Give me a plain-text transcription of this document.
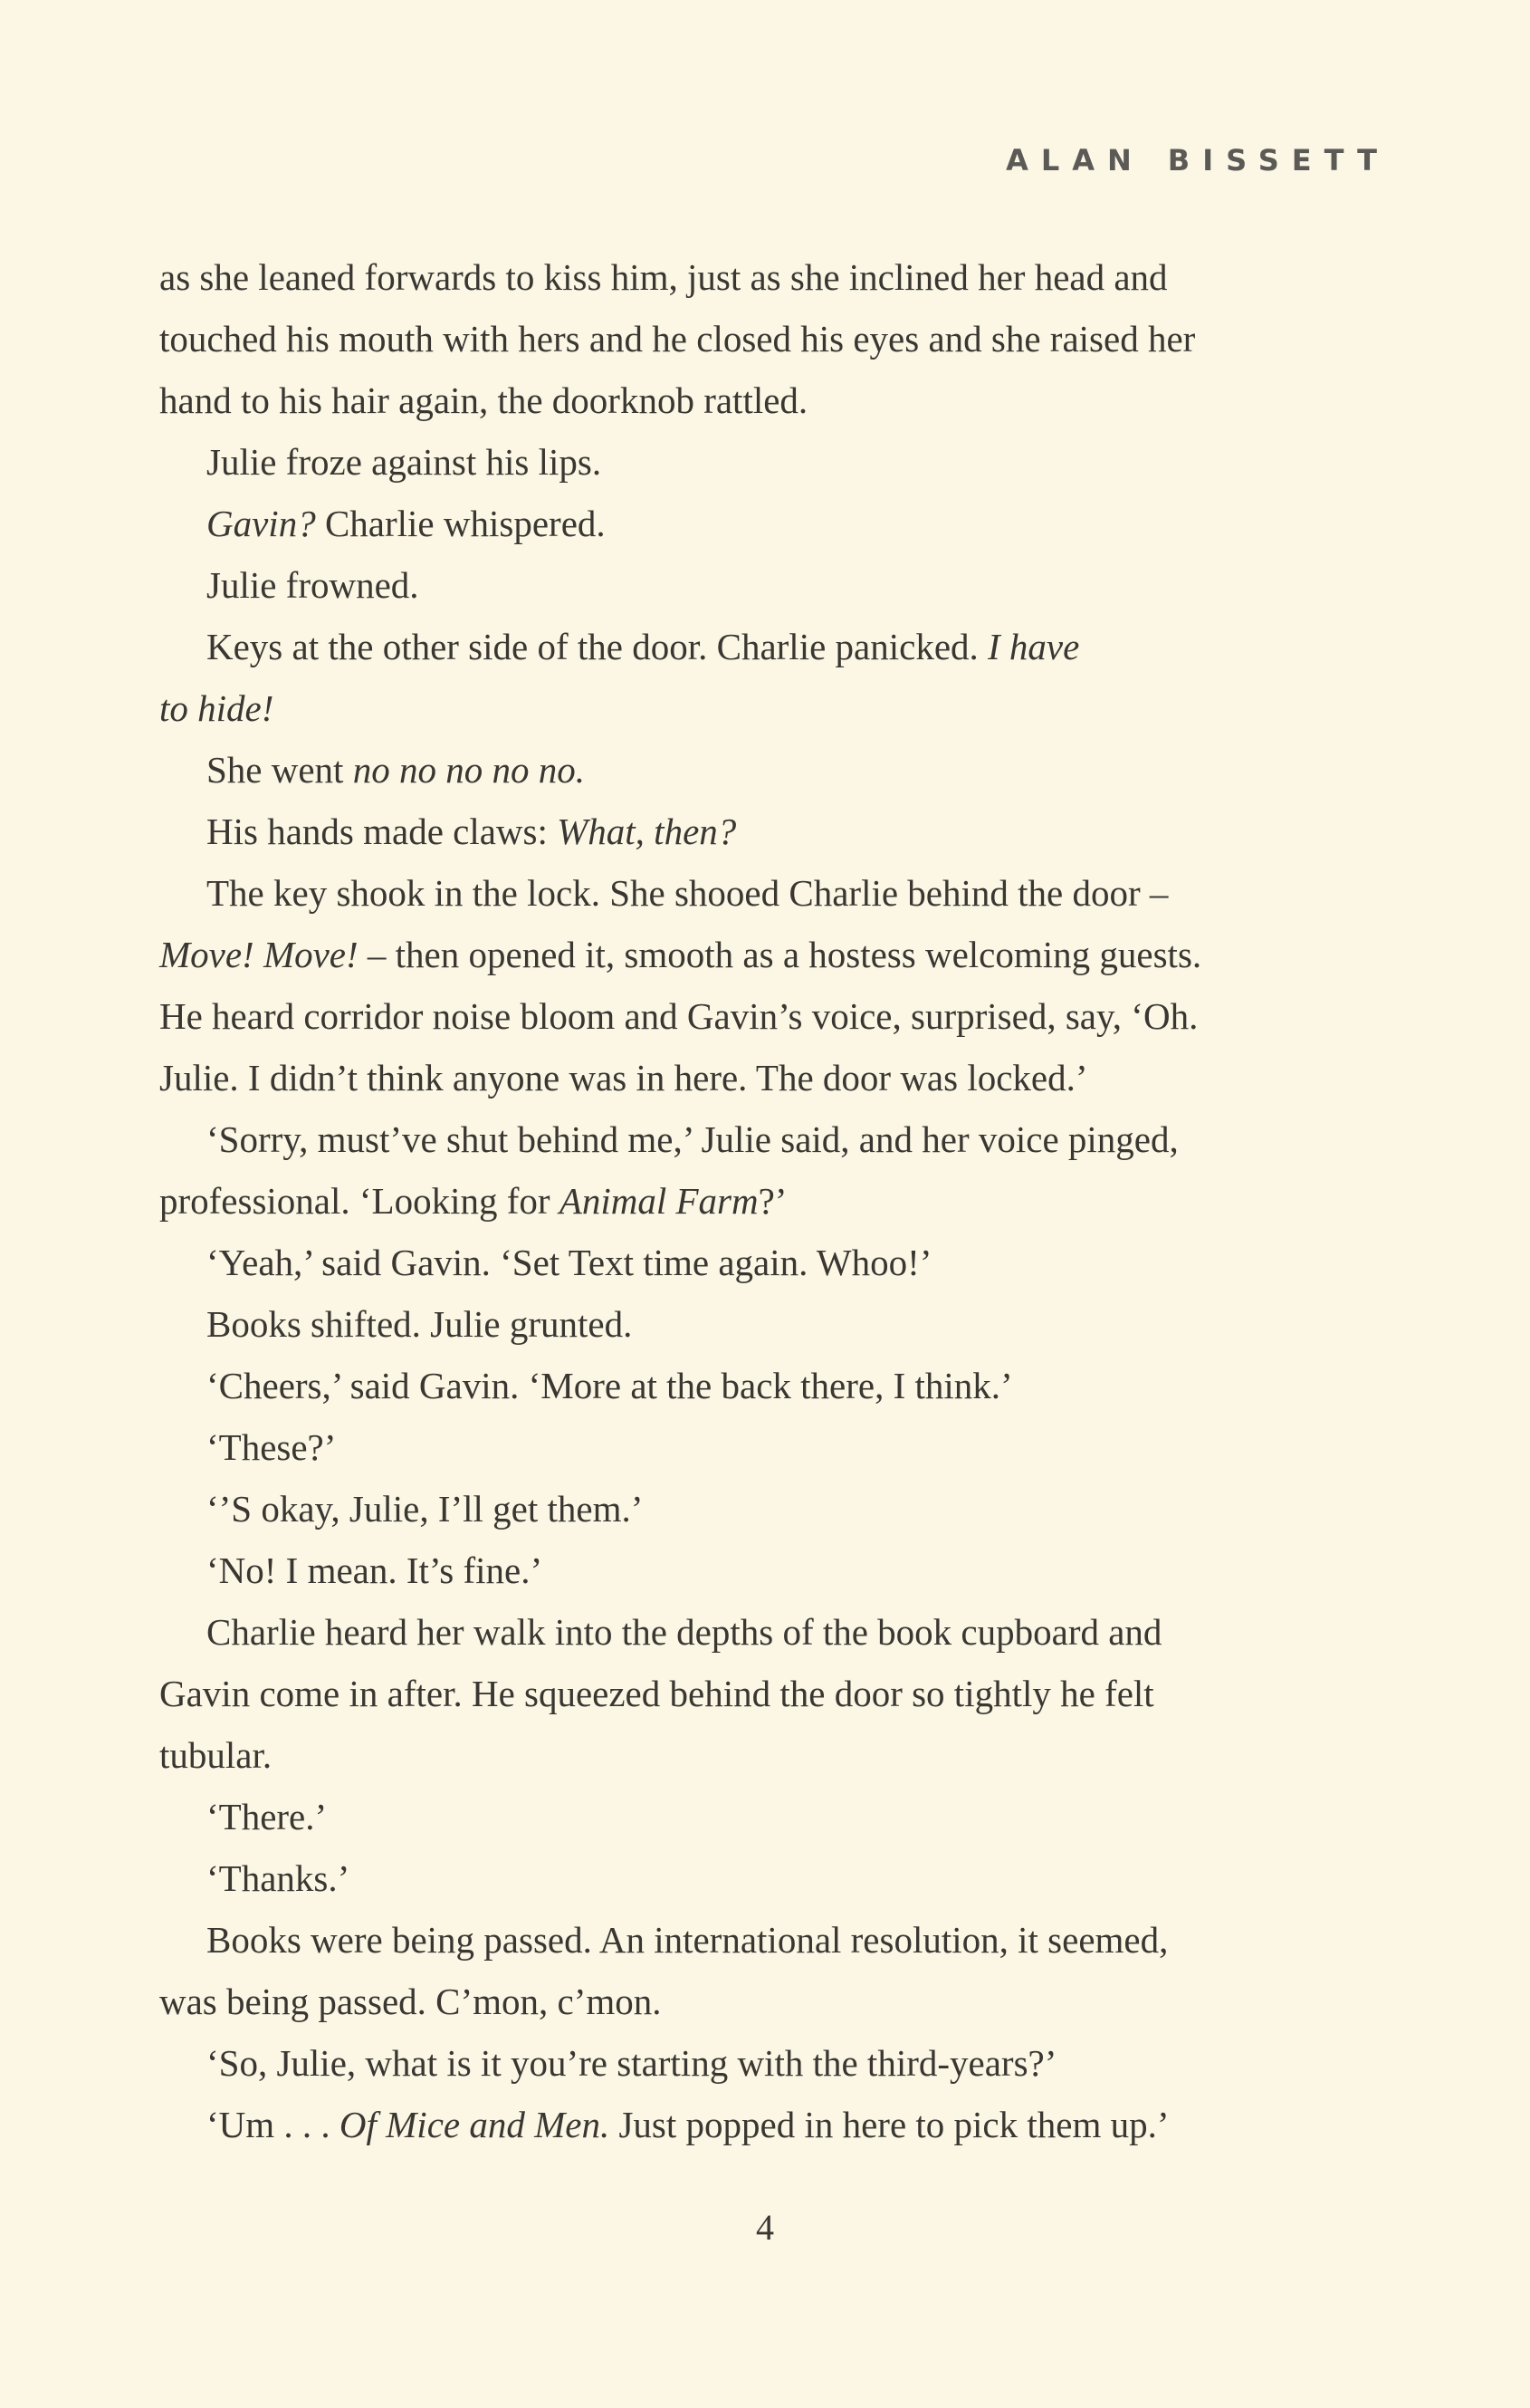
ALAN BISSETT

as she leaned forwards to kiss him, just as she inclined her head and

touched his mouth with hers and he closed his eyes and she raised her

hand to his hair again, the doorknob rattled.

Julie froze against his lips.

Gavin? Charlie whispered.

Julie frowned.

Keys at the other side of the door. Charlie panicked. I have

to hide!

She went no no no no no.

His hands made claws: What, then?

The key shook in the lock. She shooed Charlie behind the door –

Move! Move! – then opened it, smooth as a hostess welcoming guests.

He heard corridor noise bloom and Gavin’s voice, surprised, say, ‘Oh.

Julie. I didn’t think anyone was in here. The door was locked.’

‘Sorry, must’ve shut behind me,’ Julie said, and her voice pinged,

professional. ‘Looking for Animal Farm?’

‘Yeah,’ said Gavin. ‘Set Text time again. Whoo!’

Books shifted. Julie grunted.

‘Cheers,’ said Gavin. ‘More at the back there, I think.’

‘These?’

‘’S okay, Julie, I’ll get them.’

‘No! I mean. It’s fine.’

Charlie heard her walk into the depths of the book cupboard and

Gavin come in after. He squeezed behind the door so tightly he felt

tubular.

‘There.’

‘Thanks.’

Books were being passed. An international resolution, it seemed,

was being passed. C’mon, c’mon.

‘So, Julie, what is it you’re starting with the third-years?’

‘Um . . . Of Mice and Men. Just popped in here to pick them up.’

4
